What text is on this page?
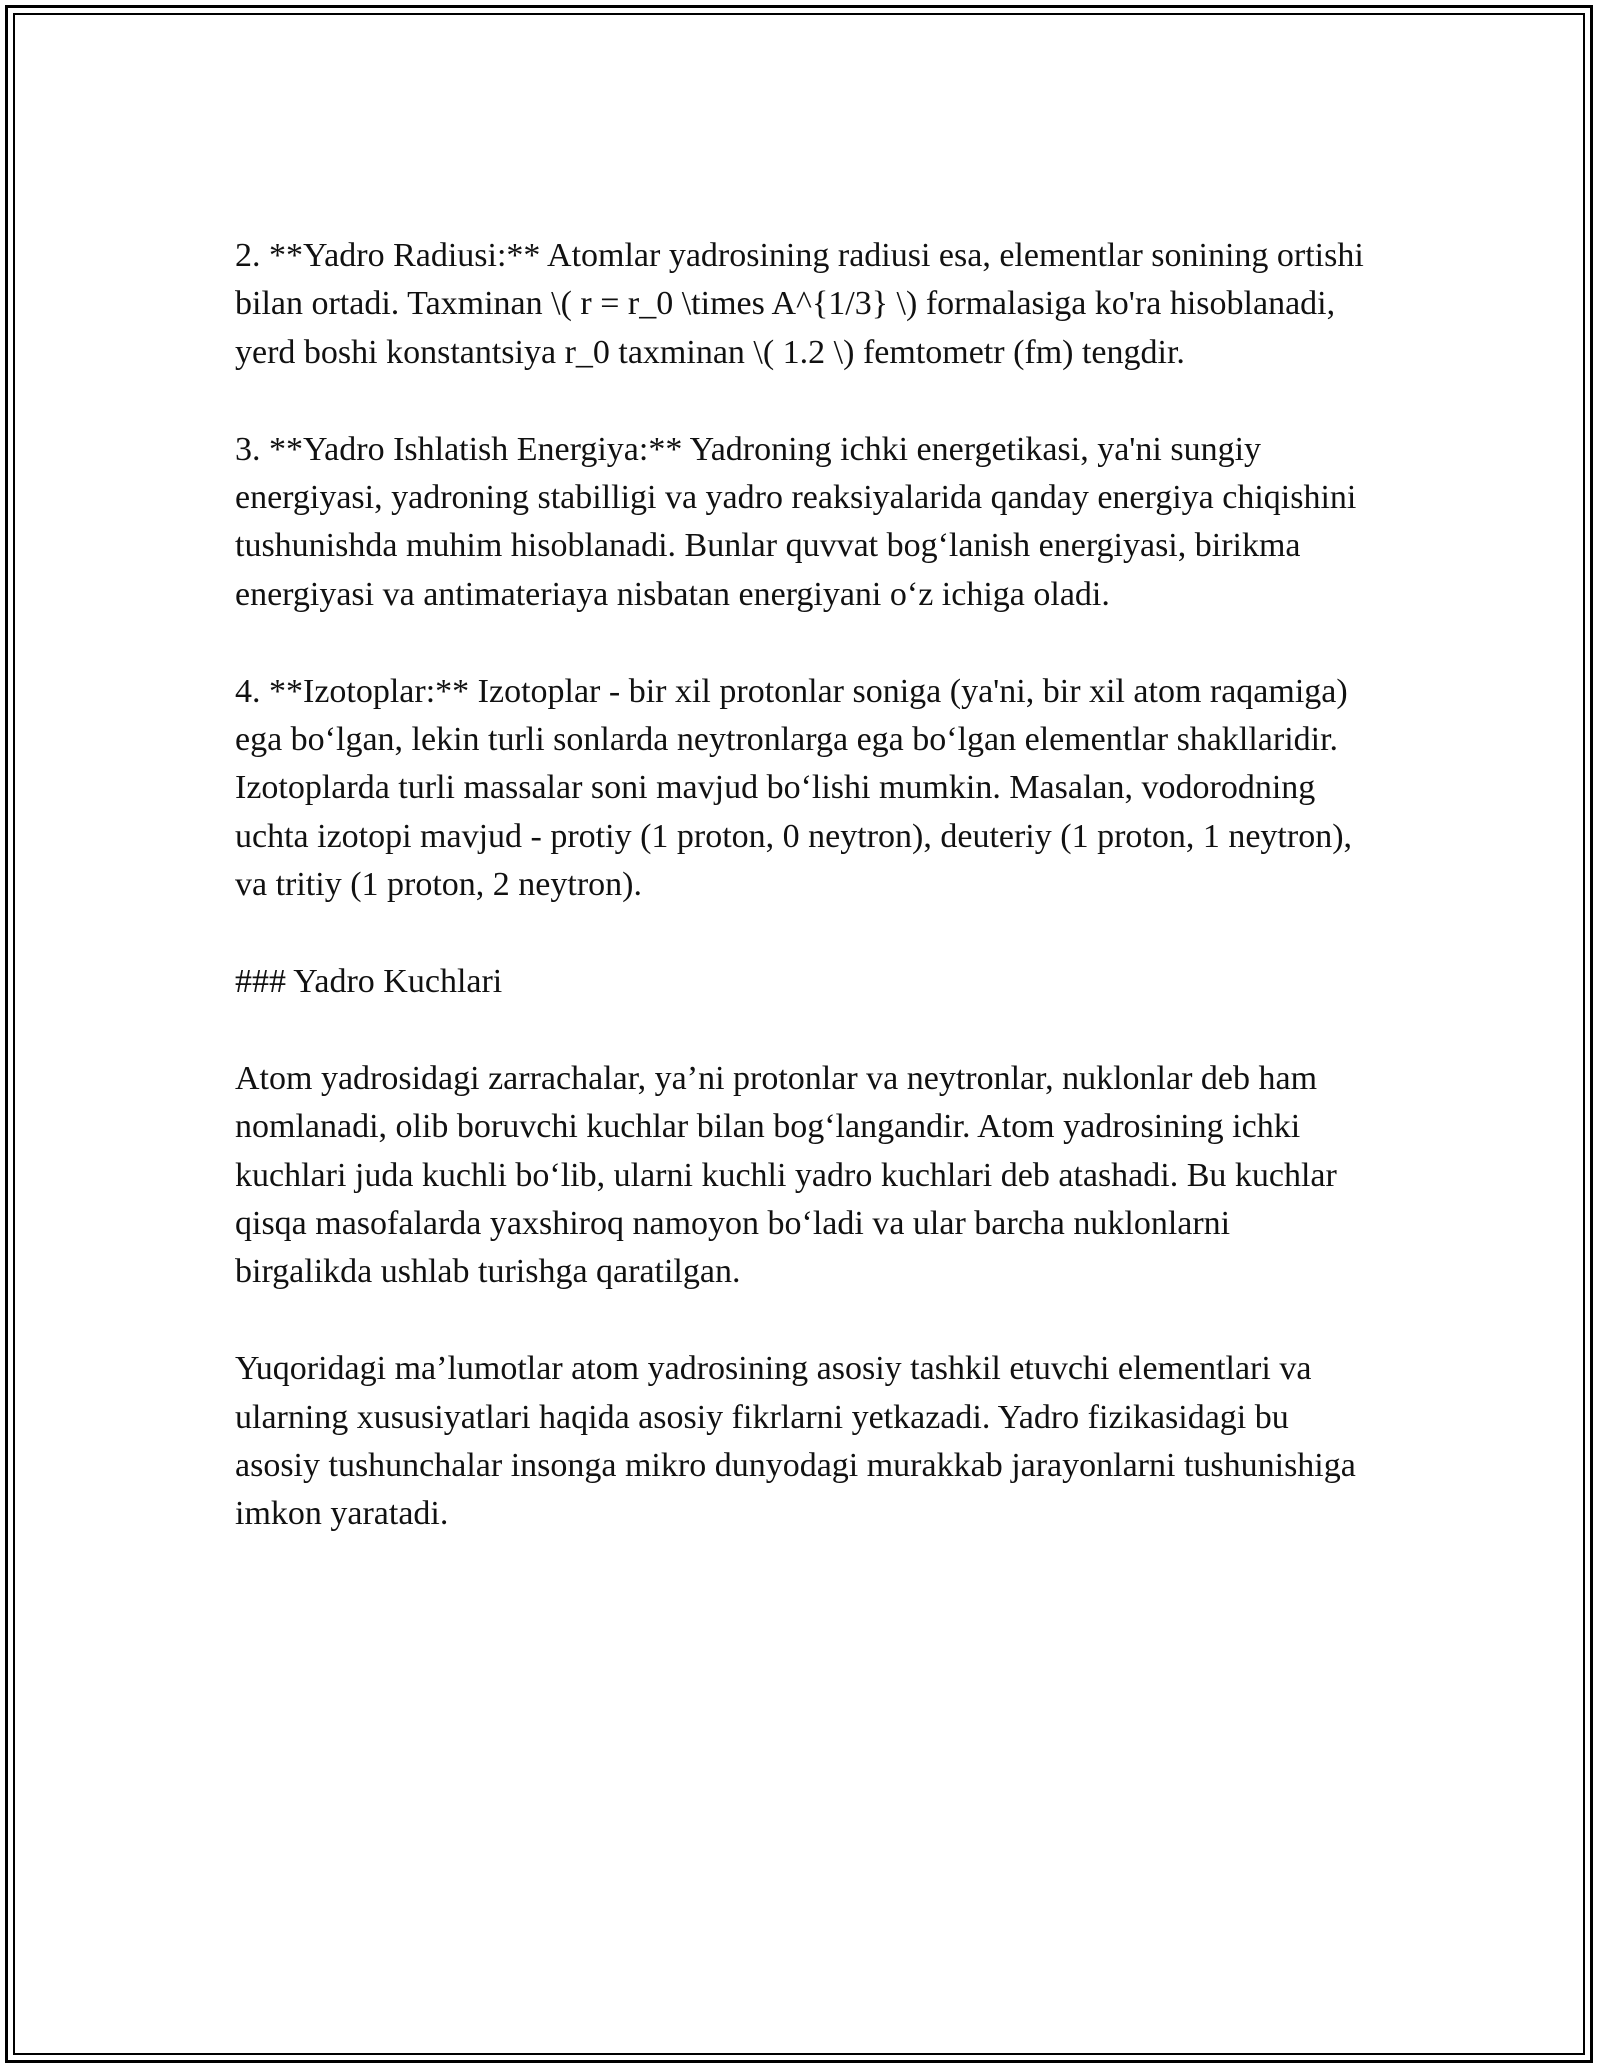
2. **Yadro Radiusi:** Atomlar yadrosining radiusi esa, elementlar sonining ortishi bilan ortadi. Taxminan \( r = r_0 \times A^{1/3} \) formalasiga ko'ra hisoblanadi, yerd boshi konstantsiya r_0 taxminan \( 1.2 \) femtometr (fm) tengdir.

3. **Yadro Ishlatish Energiya:** Yadroning ichki energetikasi, ya'ni sungiy energiyasi, yadroning stabilligi va yadro reaksiyalarida qanday energiya chiqishini tushunishda muhim hisoblanadi. Bunlar quvvat bog‘lanish energiyasi, birikma energiyasi va antimateriaya nisbatan energiyani o‘z ichiga oladi.

4. **Izotoplar:** Izotoplar - bir xil protonlar soniga (ya'ni, bir xil atom raqamiga) ega bo‘lgan, lekin turli sonlarda neytronlarga ega bo‘lgan elementlar shakllaridir. Izotoplarda turli massalar soni mavjud bo‘lishi mumkin. Masalan, vodorodning uchta izotopi mavjud - protiy (1 proton, 0 neytron), deuteriy (1 proton, 1 neytron), va tritiy (1 proton, 2 neytron).

### Yadro Kuchlari

Atom yadrosidagi zarrachalar, ya’ni protonlar va neytronlar, nuklonlar deb ham nomlanadi, olib boruvchi kuchlar bilan bog‘langandir. Atom yadrosining ichki kuchlari juda kuchli bo‘lib, ularni kuchli yadro kuchlari deb atashadi. Bu kuchlar qisqa masofalarda yaxshiroq namoyon bo‘ladi va ular barcha nuklonlarni birgalikda ushlab turishga qaratilgan.

Yuqoridagi ma’lumotlar atom yadrosining asosiy tashkil etuvchi elementlari va ularning xususiyatlari haqida asosiy fikrlarni yetkazadi. Yadro fizikasidagi bu asosiy tushunchalar insonga mikro dunyodagi murakkab jarayonlarni tushunishiga imkon yaratadi.
